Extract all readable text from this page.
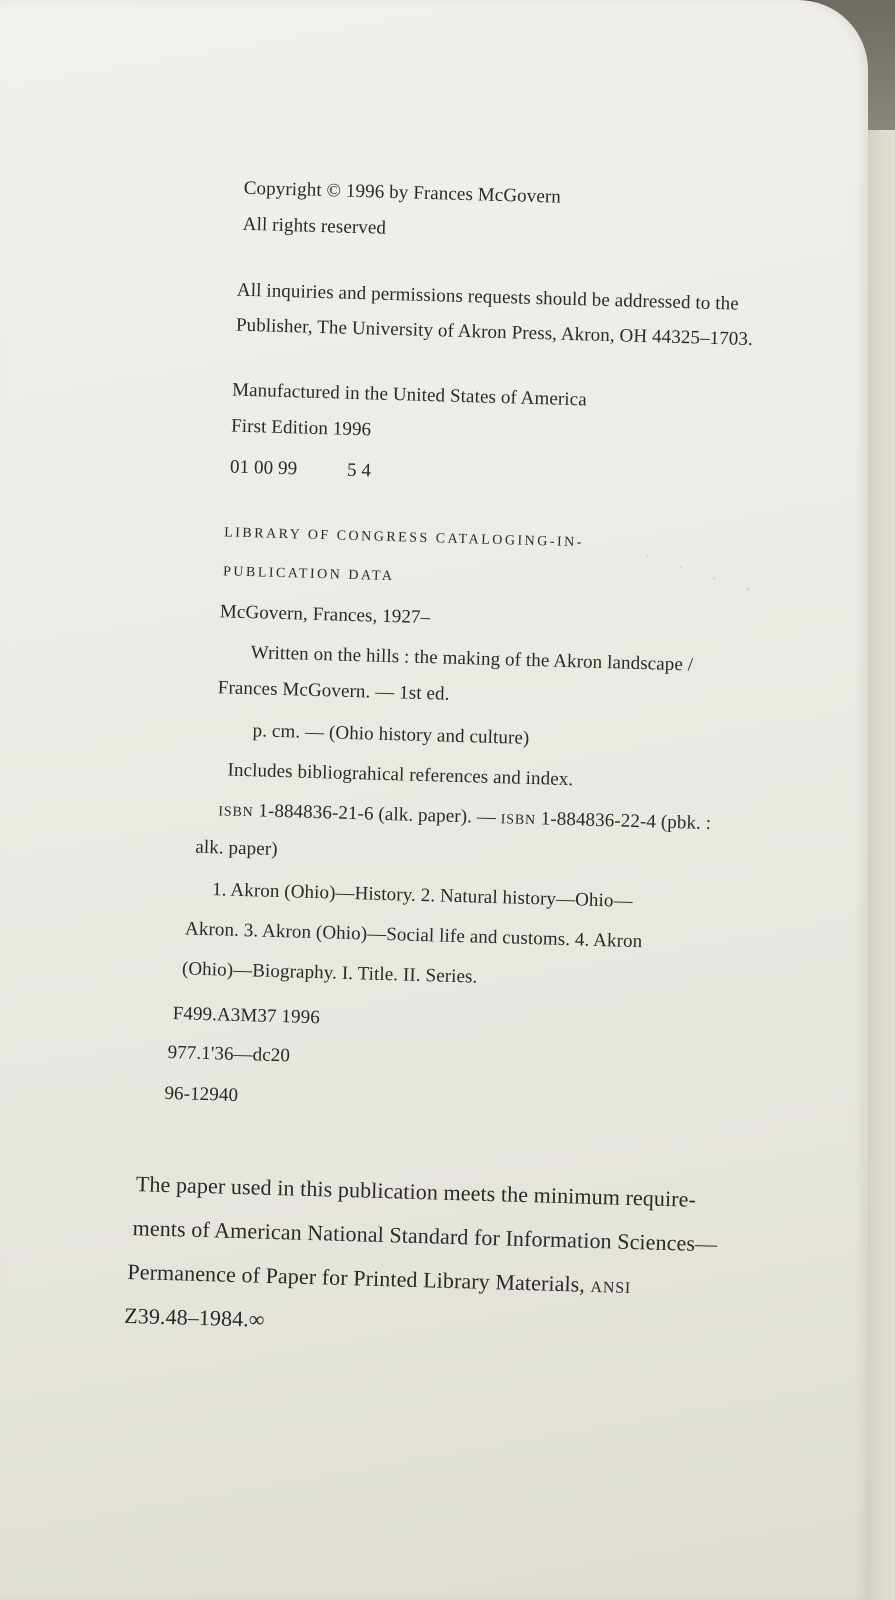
· · · ·
Copyright © 1996 by Frances McGovern
All rights reserved
All inquiries and permissions requests should be addressed to the
Publisher, The University of Akron Press, Akron, OH 44325–1703.
Manufactured in the United States of America
First Edition 1996
01 00 99	5 4
LIBRARY OF CONGRESS CATALOGING-IN-
PUBLICATION DATA
McGovern, Frances, 1927–
Written on the hills : the making of the Akron landscape /
Frances McGovern. — 1st ed.
p. cm. — (Ohio history and culture)
Includes bibliograhical references and index.
ISBN 1-884836-21-6 (alk. paper). — ISBN 1-884836-22-4 (pbk. :
alk. paper)
1. Akron (Ohio)—History. 2. Natural history—Ohio—
Akron. 3. Akron (Ohio)—Social life and customs. 4. Akron
(Ohio)—Biography. I. Title. II. Series.
F499.A3M37 1996
977.1'36—dc20
96-12940
The paper used in this publication meets the minimum require-
ments of American National Standard for Information Sciences—
Permanence of Paper for Printed Library Materials, ANSI
Z39.48–1984.∞
